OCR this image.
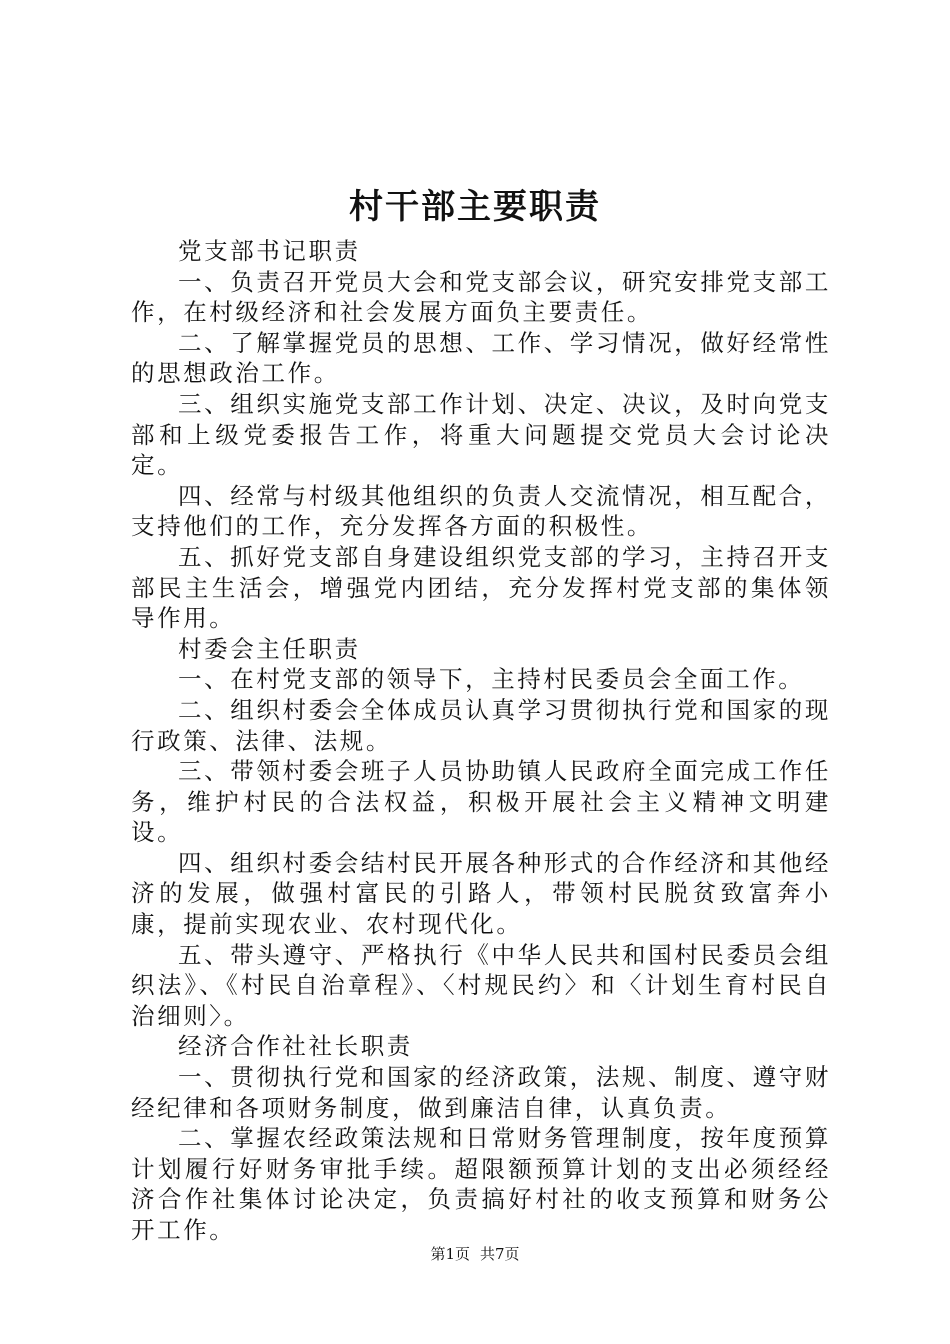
村干部主要职责

党支部书记职责

一、负责召开党员大会和党支部会议，研究安排党支部工作，在村级经济和社会发展方面负主要责任。

二、了解掌握党员的思想、工作、学习情况，做好经常性的思想政治工作。

三、组织实施党支部工作计划、决定、决议，及时向党支部和上级党委报告工作，将重大问题提交党员大会讨论决定。

四、经常与村级其他组织的负责人交流情况，相互配合，支持他们的工作，充分发挥各方面的积极性。

五、抓好党支部自身建设组织党支部的学习，主持召开支部民主生活会，增强党内团结，充分发挥村党支部的集体领导作用。

村委会主任职责

一、在村党支部的领导下，主持村民委员会全面工作。

二、组织村委会全体成员认真学习贯彻执行党和国家的现行政策、法律、法规。

三、带领村委会班子人员协助镇人民政府全面完成工作任务，维护村民的合法权益，积极开展社会主义精神文明建设。

四、组织村委会结村民开展各种形式的合作经济和其他经济的发展，做强村富民的引路人，带领村民脱贫致富奔小康，提前实现农业、农村现代化。

五、带头遵守、严格执行《中华人民共和国村民委员会组织法》、《村民自治章程》、〈村规民约〉和〈计划生育村民自治细则〉。

经济合作社社长职责

一、贯彻执行党和国家的经济政策，法规、制度、遵守财经纪律和各项财务制度，做到廉洁自律，认真负责。

二、掌握农经政策法规和日常财务管理制度，按年度预算计划履行好财务审批手续。超限额预算计划的支出必须经经济合作社集体讨论决定，负责搞好村社的收支预算和财务公开工作。

第1页 共7页
